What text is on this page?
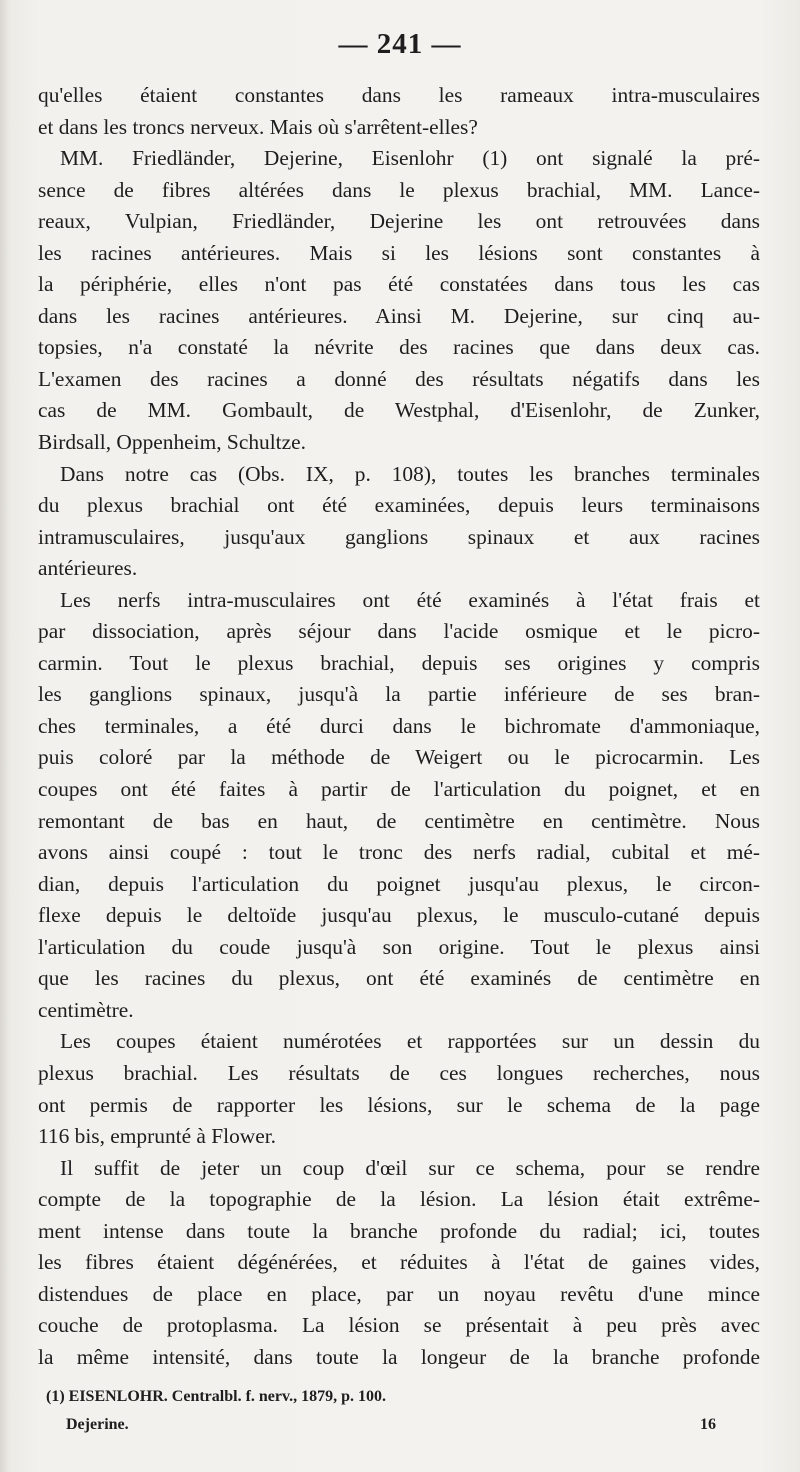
— 241 —

qu'elles étaient constantes dans les rameaux intra-musculaires
et dans les troncs nerveux. Mais où s'arrêtent-elles?

MM. Friedländer, Dejerine, Eisenlohr (1) ont signalé la pré-
sence de fibres altérées dans le plexus brachial, MM. Lance-
reaux, Vulpian, Friedländer, Dejerine les ont retrouvées dans
les racines antérieures. Mais si les lésions sont constantes à
la périphérie, elles n'ont pas été constatées dans tous les cas
dans les racines antérieures. Ainsi M. Dejerine, sur cinq au-
topsies, n'a constaté la névrite des racines que dans deux cas.
L'examen des racines a donné des résultats négatifs dans les
cas de MM. Gombault, de Westphal, d'Eisenlohr, de Zunker,
Birdsall, Oppenheim, Schultze.

Dans notre cas (Obs. IX, p. 108), toutes les branches terminales
du plexus brachial ont été examinées, depuis leurs terminaisons
intramusculaires, jusqu'aux ganglions spinaux et aux racines
antérieures.

Les nerfs intra-musculaires ont été examinés à l'état frais et
par dissociation, après séjour dans l'acide osmique et le picro-
carmin. Tout le plexus brachial, depuis ses origines y compris
les ganglions spinaux, jusqu'à la partie inférieure de ses bran-
ches terminales, a été durci dans le bichromate d'ammoniaque,
puis coloré par la méthode de Weigert ou le picrocarmin. Les
coupes ont été faites à partir de l'articulation du poignet, et en
remontant de bas en haut, de centimètre en centimètre. Nous
avons ainsi coupé : tout le tronc des nerfs radial, cubital et mé-
dian, depuis l'articulation du poignet jusqu'au plexus, le circon-
flexe depuis le deltoïde jusqu'au plexus, le musculo-cutané depuis
l'articulation du coude jusqu'à son origine. Tout le plexus ainsi
que les racines du plexus, ont été examinés de centimètre en
centimètre.

Les coupes étaient numérotées et rapportées sur un dessin du
plexus brachial. Les résultats de ces longues recherches, nous
ont permis de rapporter les lésions, sur le schema de la page
116 bis, emprunté à Flower.

Il suffit de jeter un coup d'œil sur ce schema, pour se rendre
compte de la topographie de la lésion. La lésion était extrême-
ment intense dans toute la branche profonde du radial; ici, toutes
les fibres étaient dégénérées, et réduites à l'état de gaines vides,
distendues de place en place, par un noyau revêtu d'une mince
couche de protoplasma. La lésion se présentait à peu près avec
la même intensité, dans toute la longeur de la branche profonde

(1) EISENLOHR. Centralbl. f. nerv., 1879, p. 100.
Dejerine.	16
